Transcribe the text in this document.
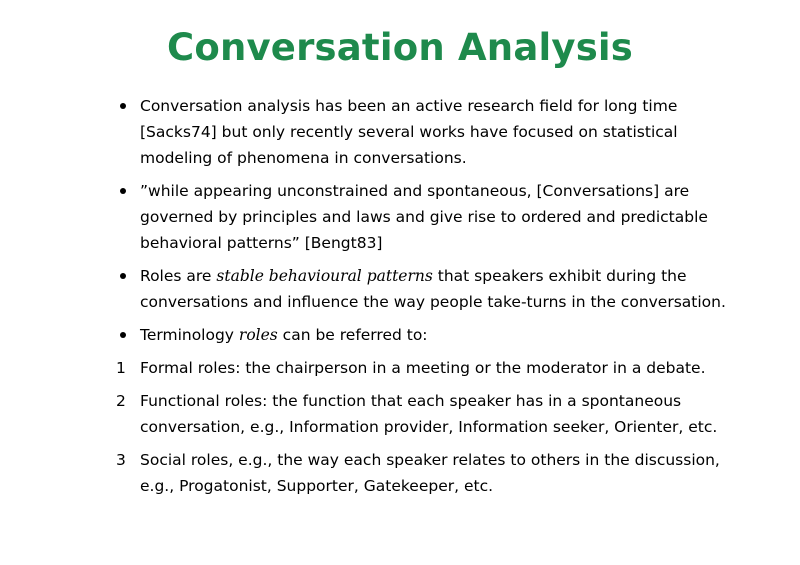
Conversation Analysis
Conversation analysis has been an active research field for long time [Sacks74] but only recently several works have focused on statistical modeling of phenomena in conversations.
”while appearing unconstrained and spontaneous, [Conversations] are governed by principles and laws and give rise to ordered and predictable behavioral patterns” [Bengt83]
Roles are stable behavioural patterns that speakers exhibit during the conversations and influence the way people take-turns in the conversation.
Terminology roles can be referred to:
1 Formal roles: the chairperson in a meeting or the moderator in a debate.
2 Functional roles: the function that each speaker has in a spontaneous conversation, e.g., Information provider, Information seeker, Orienter, etc.
3 Social roles, e.g., the way each speaker relates to others in the discussion, e.g., Progatonist, Supporter, Gatekeeper, etc.
